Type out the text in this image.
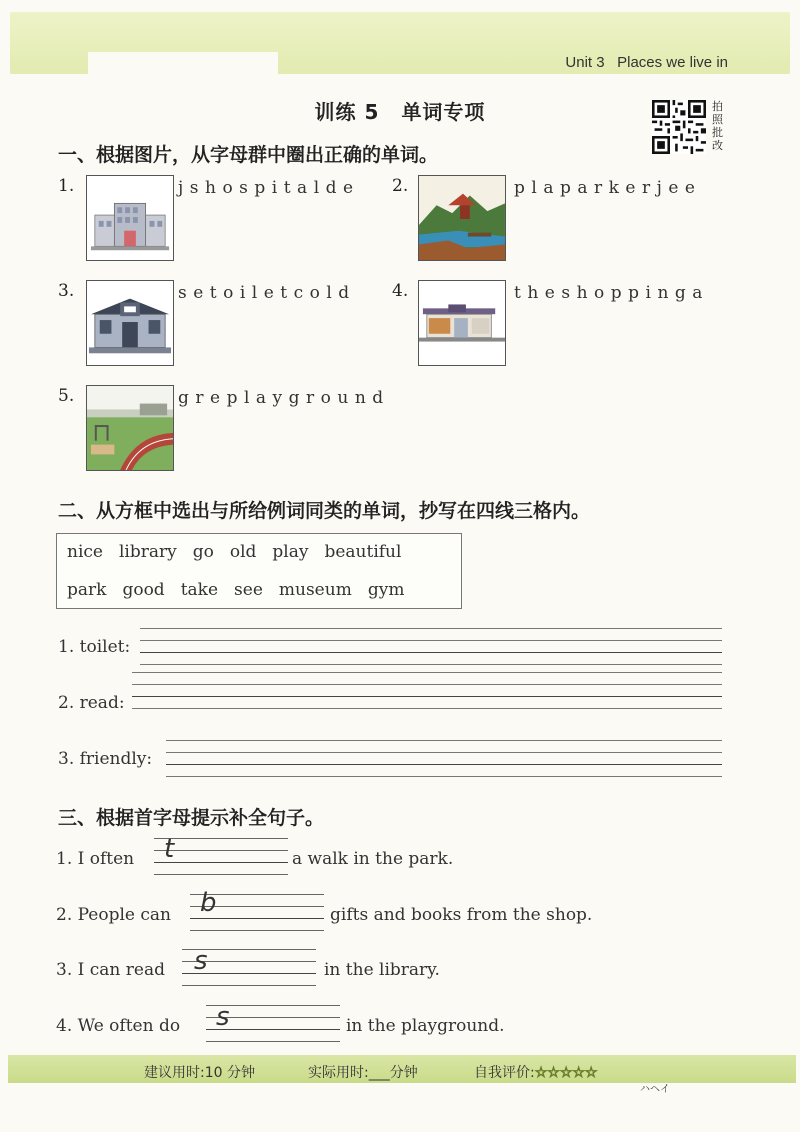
Unit 3   Places we live in
训练 5 单词专项	拍
照
批
改
一、根据图片，从字母群中圈出正确的单词。
1.	jshospitalde 2.	plaparkerjee
3.	setoiletcold 4.	theshoppinga
5.	greplayground
二、从方框中选出与所给例词同类的单词，抄写在四线三格内。
nice library go old play beautiful
park good take see museum gym
1. toilet:
2. read:
3. friendly:
三、根据首字母提示补全句子。
1. I often t	a walk in the park.
2. People can b	gifts and books from the shop.
3. I can read s	in the library.
4. We often do s	in the playground.
建议用时:10 分钟	实际用时:___分钟	自我评价:☆☆☆☆☆
ハヘイ
